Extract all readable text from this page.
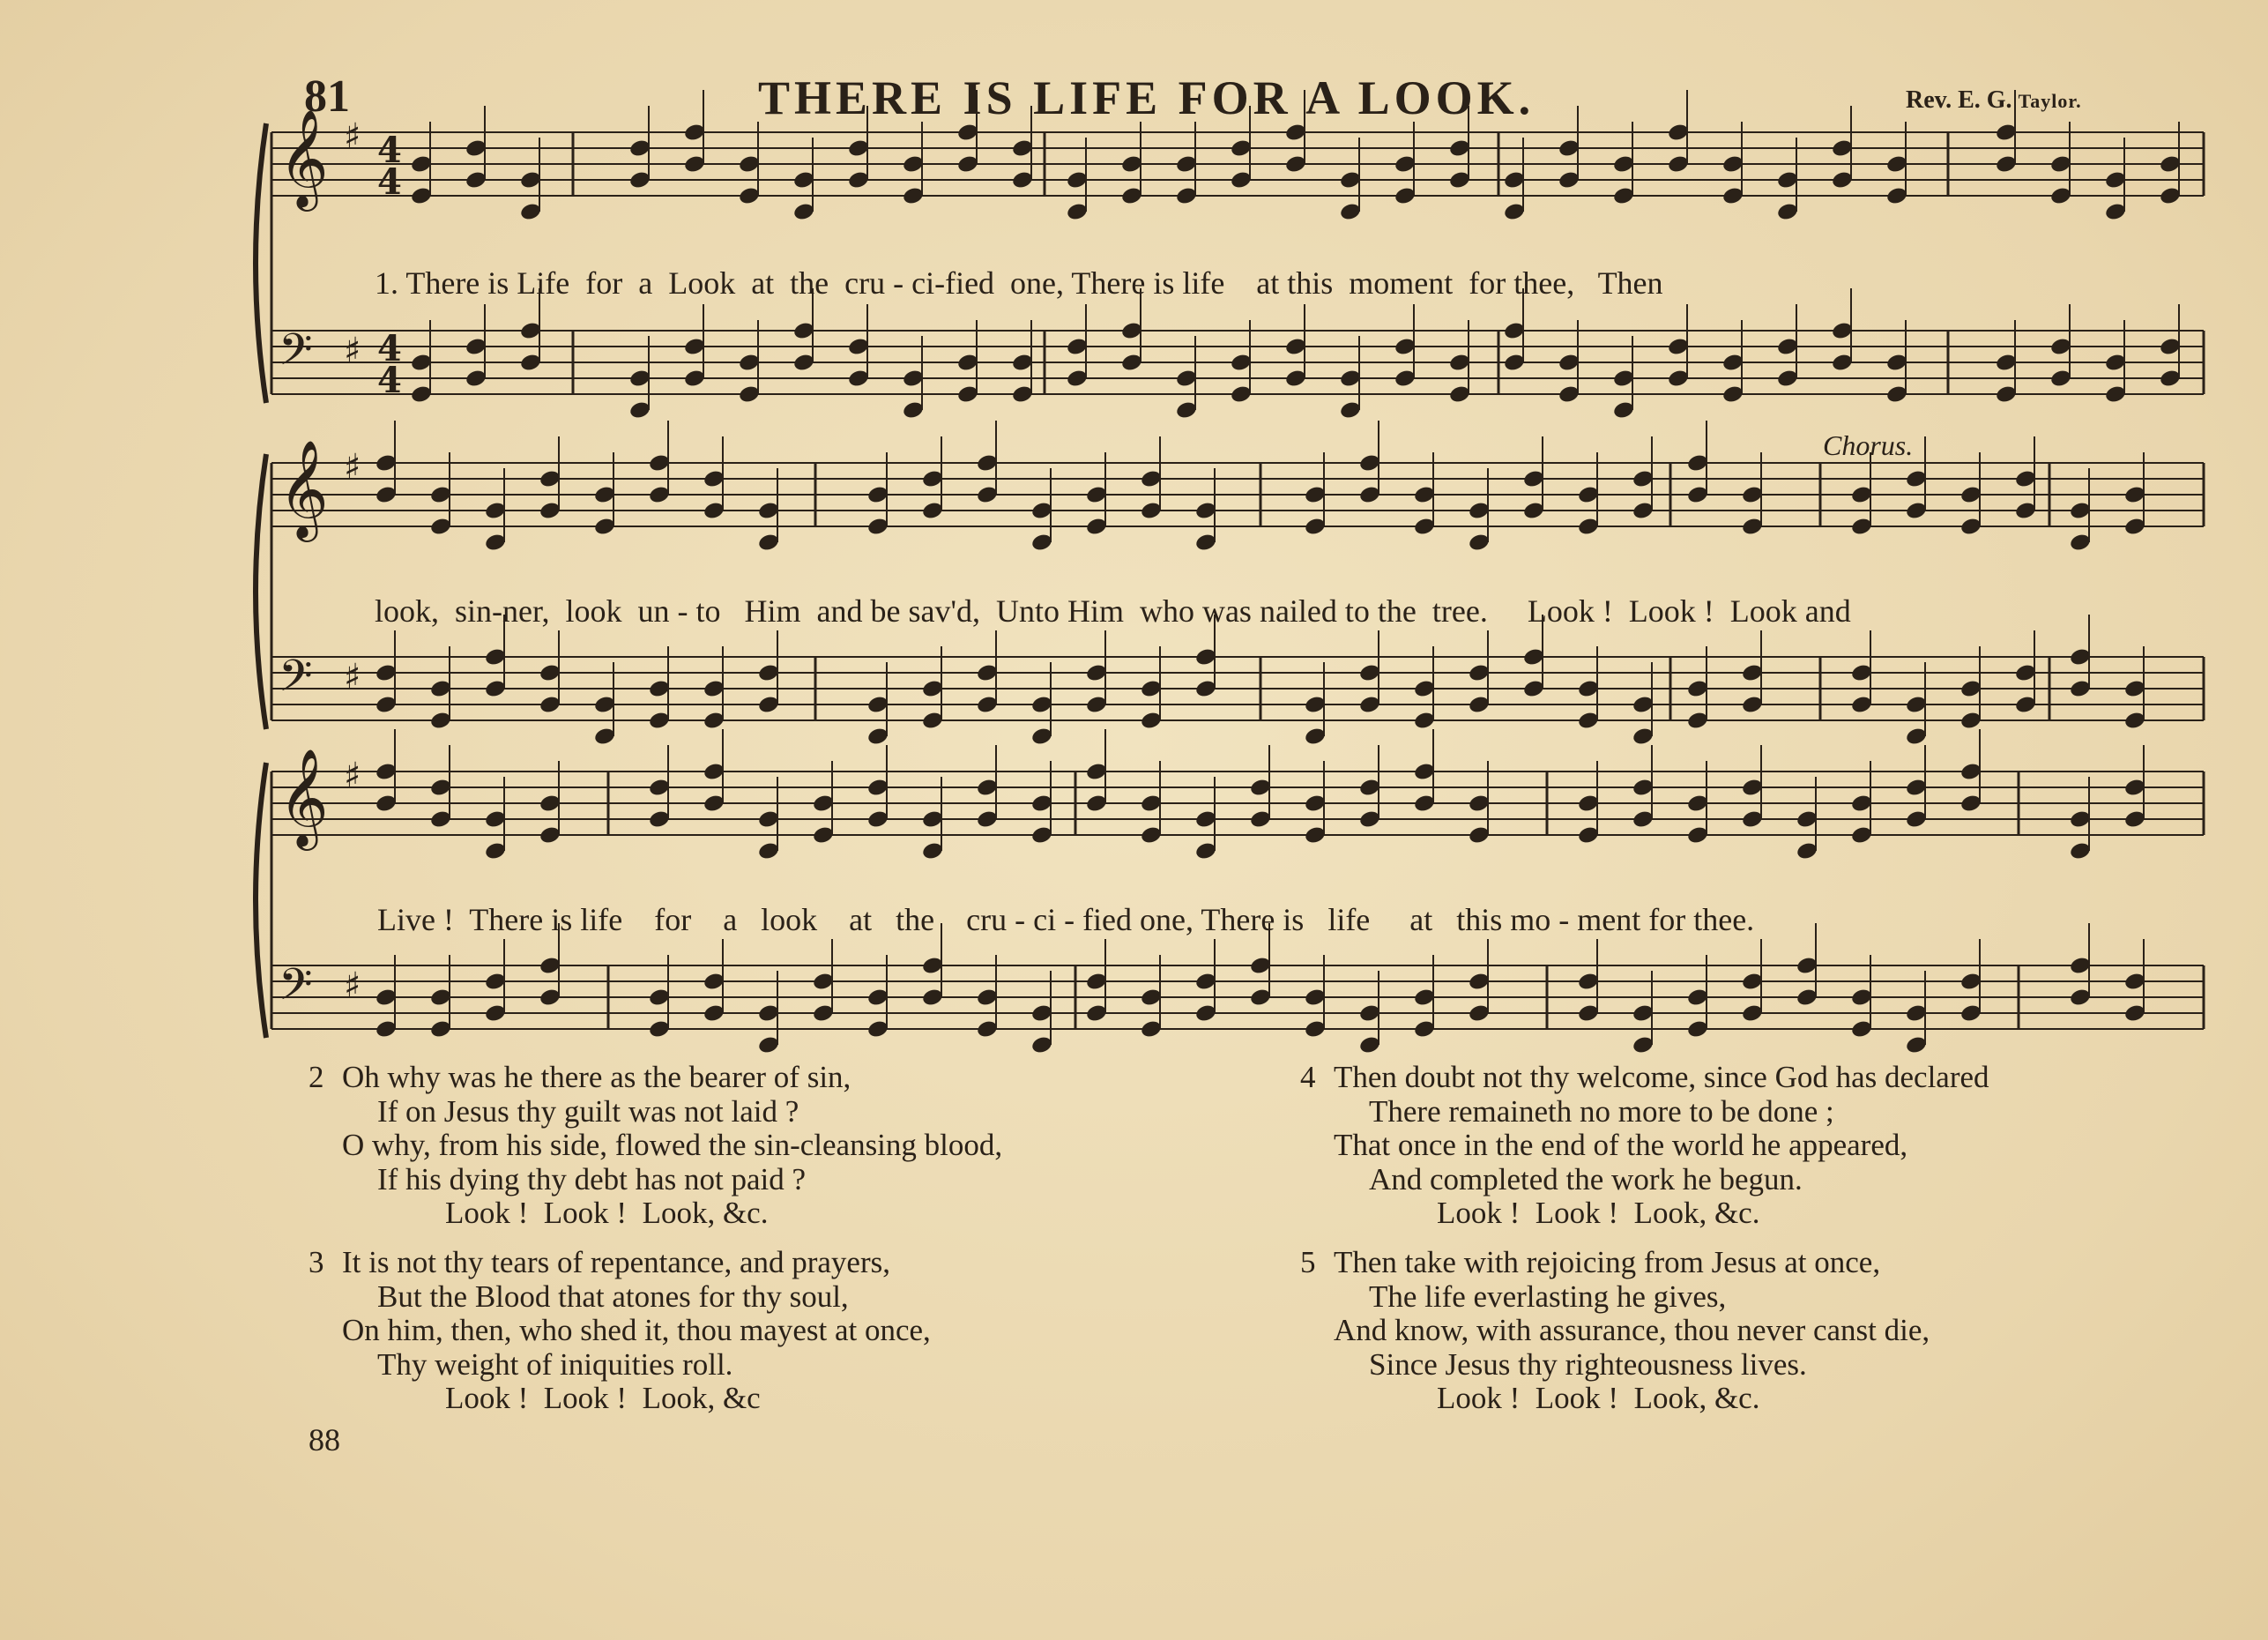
81	THERE IS LIFE FOR A LOOK.	Rev. E. G. Taylor.
𝄞 ♯ 4
4
𝄢 ♯ 4
4
𝄞 ♯
𝄢 ♯
𝄞 ♯
𝄢 ♯
1. There is Life  for  a  Look  at  the  cru - ci-fied  one, There is life    at this  moment  for thee,   Then
Chorus.
look,  sin-ner,  look  un - to   Him  and be sav'd,  Unto Him  who was nailed to the  tree.     Look !  Look !  Look and
Live !  There is life    for    a   look    at   the    cru - ci - fied one, There is   life     at   this mo - ment for thee.
2 Oh why was he there as the bearer of sin,
If on Jesus thy guilt was not laid ?
O why, from his side, flowed the sin-cleansing blood,
If his dying thy debt has not paid ?
Look !  Look !  Look, &c.
3 It is not thy tears of repentance, and prayers,
But the Blood that atones for thy soul,
On him, then, who shed it, thou mayest at once,
Thy weight of iniquities roll.
Look !  Look !  Look, &c
4 Then doubt not thy welcome, since God has declared
There remaineth no more to be done ;
That once in the end of the world he appeared,
And completed the work he begun.
Look !  Look !  Look, &c.
5 Then take with rejoicing from Jesus at once,
The life everlasting he gives,
And know, with assurance, thou never canst die,
Since Jesus thy righteousness lives.
Look !  Look !  Look, &c.
88
